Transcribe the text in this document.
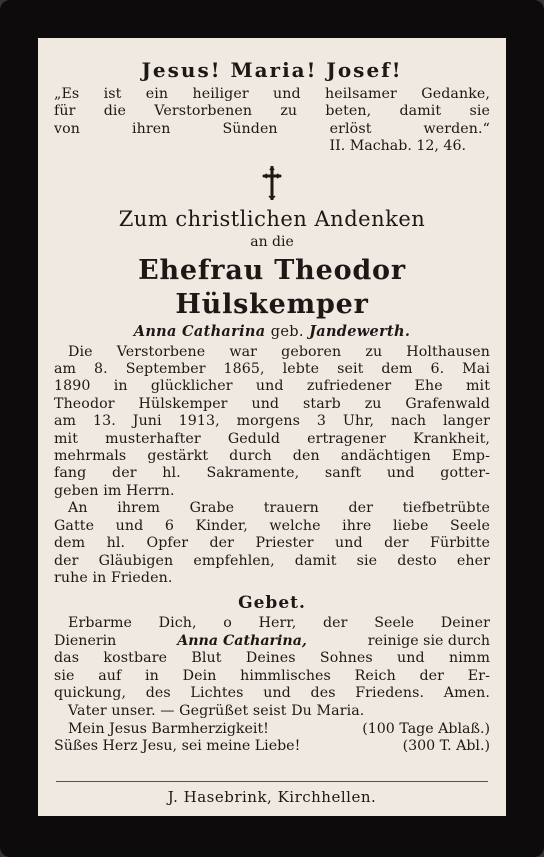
Jesus! Maria! Josef!
„Es ist ein heiliger und heilsamer Gedanke,
für die Verstorbenen zu beten, damit sie
von ihren Sünden erlöst werden.“
II. Machab. 12, 46.
Zum christlichen Andenken
an die
Ehefrau Theodor Hülskemper
Anna Catharina geb. Jandewerth.
Die Verstorbene war geboren zu Holthausen
am 8. September 1865, lebte seit dem 6. Mai
1890 in glücklicher und zufriedener Ehe mit
Theodor Hülskemper und starb zu Grafenwald
am 13. Juni 1913, morgens 3 Uhr, nach langer
mit musterhafter Geduld ertragener Krankheit,
mehrmals gestärkt durch den andächtigen Emp-
fang der hl. Sakramente, sanft und gotter-
geben im Herrn.
An ihrem Grabe trauern der tiefbetrübte
Gatte und 6 Kinder, welche ihre liebe Seele
dem hl. Opfer der Priester und der Fürbitte
der Gläubigen empfehlen, damit sie desto eher
ruhe in Frieden.
Gebet.
Erbarme Dich, o Herr, der Seele Deiner
Dienerin	Anna Catharina,	reinige sie durch
das kostbare Blut Deines Sohnes und nimm
sie auf in Dein himmlisches Reich der Er-
quickung, des Lichtes und des Friedens. Amen.
Vater unser. — Gegrüßet seist Du Maria.
Mein Jesus Barmherzigkeit!	(100 Tage Ablaß.)
Süßes Herz Jesu, sei meine Liebe!	(300 T. Abl.)
J. Hasebrink, Kirchhellen.
